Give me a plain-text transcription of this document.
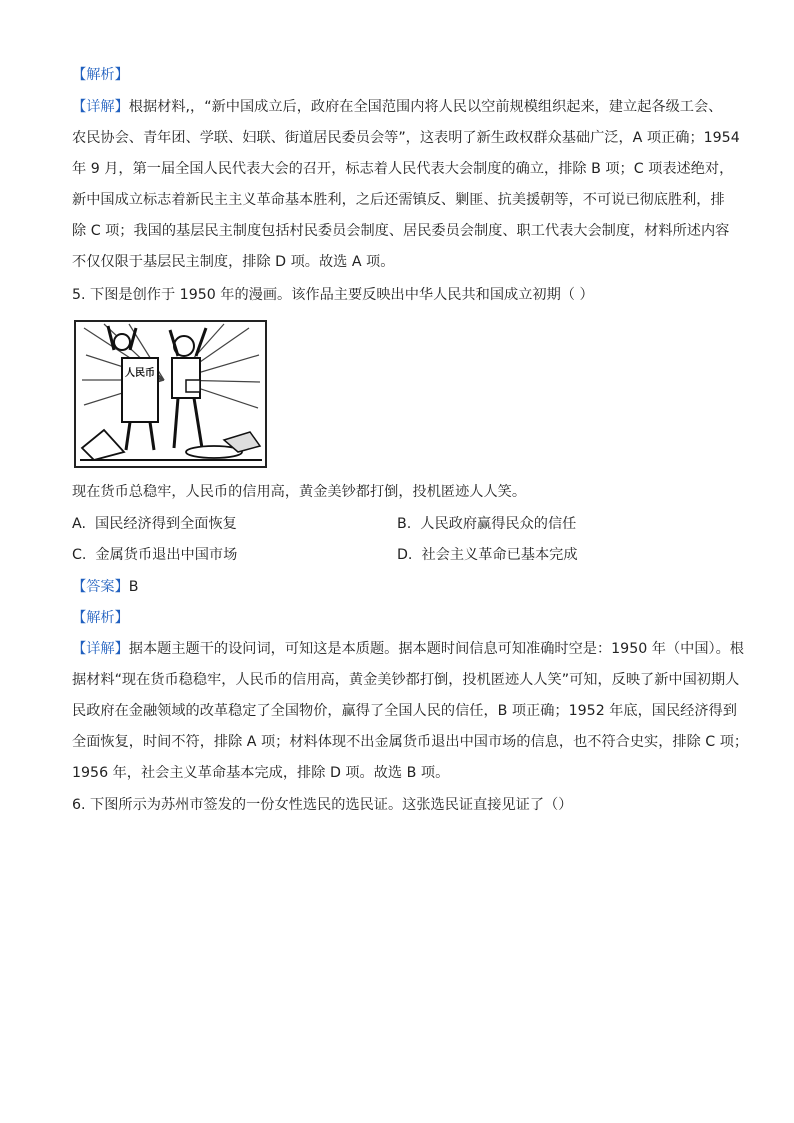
【解析】
【详解】根据材料,，“新中国成立后，政府在全国范围内将人民以空前规模组织起来，建立起各级工会、
农民协会、青年团、学联、妇联、街道居民委员会等”，这表明了新生政权群众基础广泛，A 项正确；1954
年 9 月，第一届全国人民代表大会的召开，标志着人民代表大会制度的确立，排除 B 项；C 项表述绝对，
新中国成立标志着新民主主义革命基本胜利，之后还需镇反、剿匪、抗美援朝等，不可说已彻底胜利，排
除 C 项；我国的基层民主制度包括村民委员会制度、居民委员会制度、职工代表大会制度，材料所述内容
不仅仅限于基层民主制度，排除 D 项。故选 A 项。
5. 下图是创作于 1950 年的漫画。该作品主要反映出中华人民共和国成立初期（ ）
人民币
现在货币总稳牢，人民币的信用高，黄金美钞都打倒，投机匿迹人人笑。
A. 国民经济得到全面恢复	B. 人民政府赢得民众的信任
C. 金属货币退出中国市场	D. 社会主义革命已基本完成
【答案】B
【解析】
【详解】据本题主题干的设问词，可知这是本质题。据本题时间信息可知准确时空是：1950 年（中国）。根
据材料“现在货币稳稳牢，人民币的信用高，黄金美钞都打倒，投机匿迹人人笑”可知，反映了新中国初期人
民政府在金融领域的改革稳定了全国物价，赢得了全国人民的信任，B 项正确；1952 年底，国民经济得到
全面恢复，时间不符，排除 A 项；材料体现不出金属货币退出中国市场的信息，也不符合史实，排除 C 项；
1956 年，社会主义革命基本完成，排除 D 项。故选 B 项。
6. 下图所示为苏州市签发的一份女性选民的选民证。这张选民证直接见证了（）
